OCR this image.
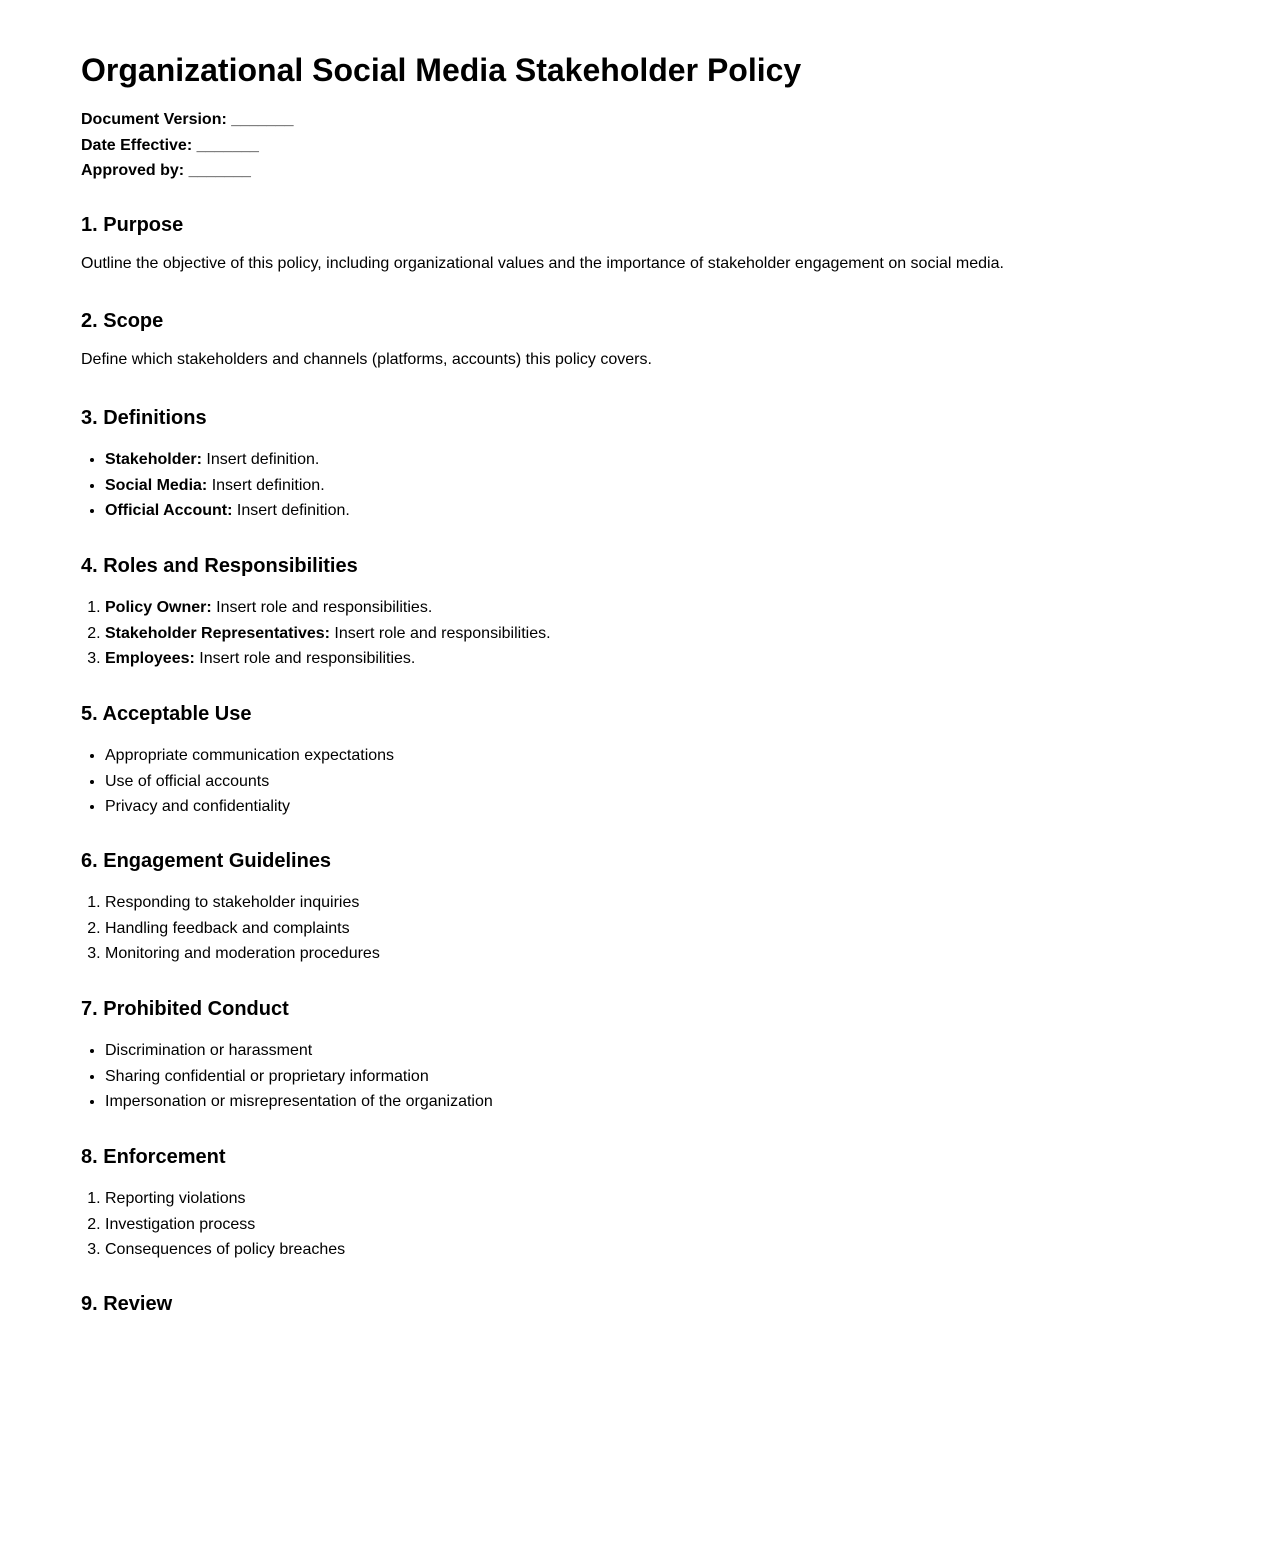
Organizational Social Media Stakeholder Policy
Document Version: _______
Date Effective: _______
Approved by: _______
1. Purpose

Outline the objective of this policy, including organizational values and the importance of stakeholder engagement on social media.

2. Scope

Define which stakeholders and channels (platforms, accounts) this policy covers.

3. Definitions
• Stakeholder: Insert definition.
• Social Media: Insert definition.
• Official Account: Insert definition.
4. Roles and Responsibilities
1. Policy Owner: Insert role and responsibilities.
2. Stakeholder Representatives: Insert role and responsibilities.
3. Employees: Insert role and responsibilities.
5. Acceptable Use
• Appropriate communication expectations
• Use of official accounts
• Privacy and confidentiality
6. Engagement Guidelines
1. Responding to stakeholder inquiries
2. Handling feedback and complaints
3. Monitoring and moderation procedures
7. Prohibited Conduct
• Discrimination or harassment
• Sharing confidential or proprietary information
• Impersonation or misrepresentation of the organization
8. Enforcement
1. Reporting violations
2. Investigation process
3. Consequences of policy breaches
9. Review
